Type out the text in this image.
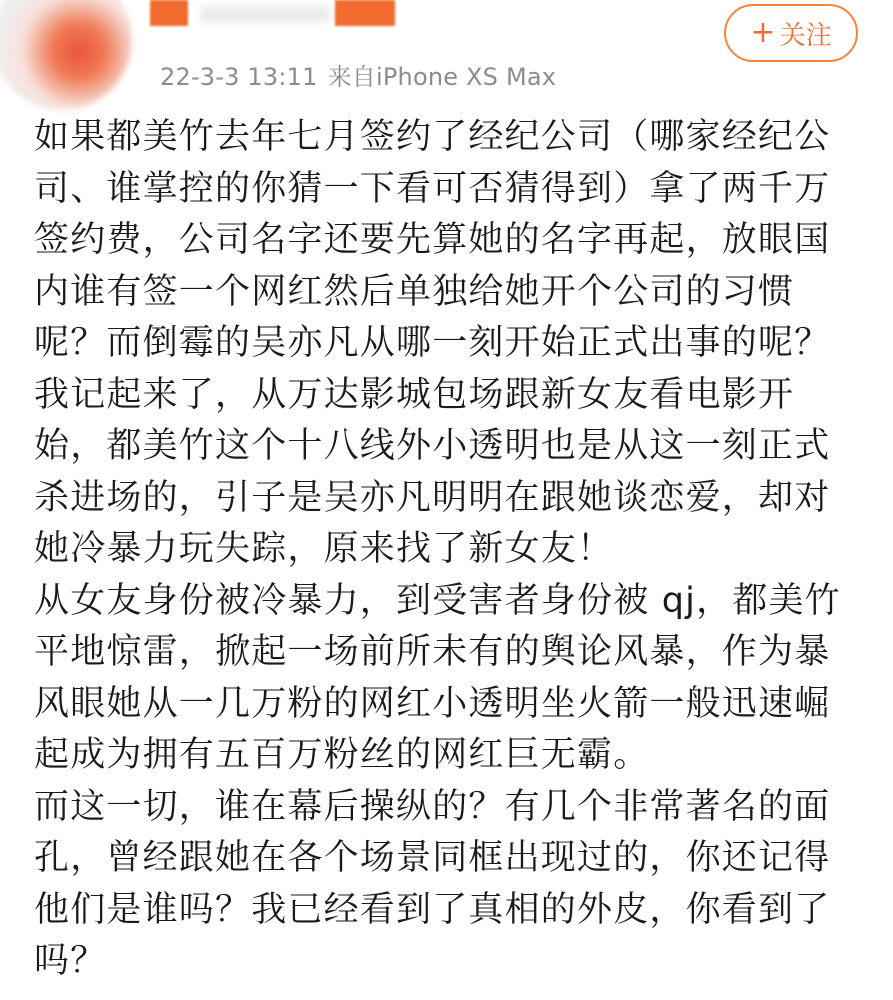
22-3-3 13:11 来自iPhone XS Max
+ 关注

如果都美竹去年七月签约了经纪公司（哪家经纪公司、谁掌控的你猜一下看可否猜得到）拿了两千万签约费，公司名字还要先算她的名字再起，放眼国内谁有签一个网红然后单独给她开个公司的习惯呢？而倒霉的吴亦凡从哪一刻开始正式出事的呢？我记起来了，从万达影城包场跟新女友看电影开始，都美竹这个十八线外小透明也是从这一刻正式杀进场的，引子是吴亦凡明明在跟她谈恋爱，却对她冷暴力玩失踪，原来找了新女友！

从女友身份被冷暴力，到受害者身份被 qj，都美竹平地惊雷，掀起一场前所未有的舆论风暴，作为暴风眼她从一几万粉的网红小透明坐火箭一般迅速崛起成为拥有五百万粉丝的网红巨无霸。

而这一切，谁在幕后操纵的？有几个非常著名的面孔，曾经跟她在各个场景同框出现过的，你还记得他们是谁吗？我已经看到了真相的外皮，你看到了吗？
